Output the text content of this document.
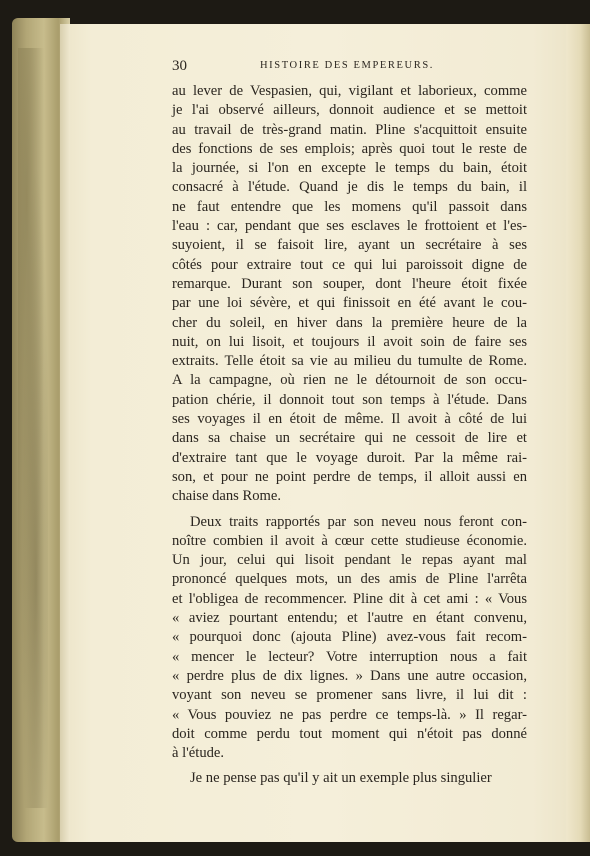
30	HISTOIRE DES EMPEREURS.
au lever de Vespasien, qui, vigilant et laborieux, comme
je l'ai observé ailleurs, donnoit audience et se mettoit
au travail de très-grand matin. Pline s'acquittoit ensuite
des fonctions de ses emplois; après quoi tout le reste de
la journée, si l'on en excepte le temps du bain, étoit
consacré à l'étude. Quand je dis le temps du bain, il
ne faut entendre que les momens qu'il passoit dans
l'eau : car, pendant que ses esclaves le frottoient et l'es-
suyoient, il se faisoit lire, ayant un secrétaire à ses
côtés pour extraire tout ce qui lui paroissoit digne de
remarque. Durant son souper, dont l'heure étoit fixée
par une loi sévère, et qui finissoit en été avant le cou-
cher du soleil, en hiver dans la première heure de la
nuit, on lui lisoit, et toujours il avoit soin de faire ses
extraits. Telle étoit sa vie au milieu du tumulte de Rome.
A la campagne, où rien ne le détournoit de son occu-
pation chérie, il donnoit tout son temps à l'étude. Dans
ses voyages il en étoit de même. Il avoit à côté de lui
dans sa chaise un secrétaire qui ne cessoit de lire et
d'extraire tant que le voyage duroit. Par la même rai-
son, et pour ne point perdre de temps, il alloit aussi en
chaise dans Rome.
Deux traits rapportés par son neveu nous feront con-
noître combien il avoit à cœur cette studieuse économie.
Un jour, celui qui lisoit pendant le repas ayant mal
prononcé quelques mots, un des amis de Pline l'arrêta
et l'obligea de recommencer. Pline dit à cet ami : « Vous
« aviez pourtant entendu; et l'autre en étant convenu,
« pourquoi donc (ajouta Pline) avez-vous fait recom-
« mencer le lecteur? Votre interruption nous a fait
« perdre plus de dix lignes. » Dans une autre occasion,
voyant son neveu se promener sans livre, il lui dit :
« Vous pouviez ne pas perdre ce temps-là. » Il regar-
doit comme perdu tout moment qui n'étoit pas donné
à l'étude.
Je ne pense pas qu'il y ait un exemple plus singulier
